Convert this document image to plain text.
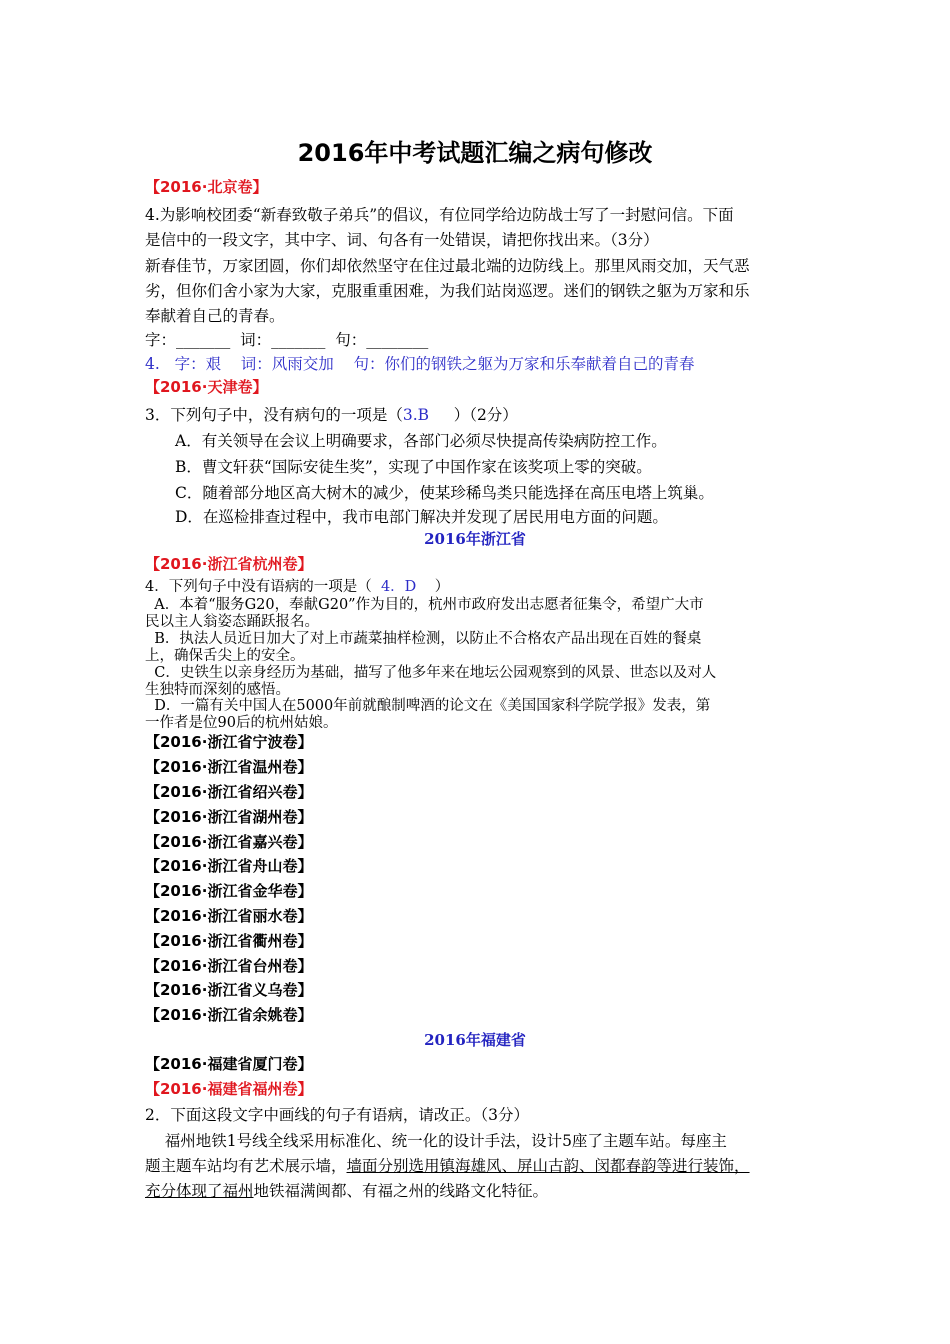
2016年中考试题汇编之病句修改
【2016·北京卷】
4.为影响校团委“新春致敬子弟兵”的倡议，有位同学给边防战士写了一封慰问信。下面
是信中的一段文字，其中字、词、句各有一处错误，请把你找出来。（3分）
新春佳节，万家团圆，你们却依然坚守在住过最北端的边防线上。那里风雨交加，天气恶
劣，但你们舍小家为大家，克服重重困难，为我们站岗巡逻。迷们的钢铁之躯为万家和乐
奉献着自己的青春。
字：_______  词：_______  句：________
4.   字：艰    词：风雨交加    句：你们的钢铁之躯为万家和乐奉献着自己的青春
【2016·天津卷】
3．下列句子中，没有病句的一项是（3.B     ）（2分）
A．有关领导在会议上明确要求，各部门必须尽快提高传染病防控工作。
B．曹文轩获“国际安徒生奖”，实现了中国作家在该奖项上零的突破。
C．随着部分地区高大树木的减少，使某珍稀鸟类只能选择在高压电塔上筑巢。
D．在巡检排查过程中，我市电部门解决并发现了居民用电方面的问题。
2016年浙江省
【2016·浙江省杭州卷】
4．下列句子中没有语病的一项是（  4．D    ）
A．本着“服务G20，奉献G20”作为目的，杭州市政府发出志愿者征集令，希望广大市
民以主人翁姿态踊跃报名。
B．执法人员近日加大了对上市蔬菜抽样检测，以防止不合格农产品出现在百姓的餐桌
上，确保舌尖上的安全。
C．史铁生以亲身经历为基础，描写了他多年来在地坛公园观察到的风景、世态以及对人
生独特而深刻的感悟。
D．一篇有关中国人在5000年前就酿制啤酒的论文在《美国国家科学院学报》发表，第
一作者是位90后的杭州姑娘。
【2016·浙江省宁波卷】
【2016·浙江省温州卷】
【2016·浙江省绍兴卷】
【2016·浙江省湖州卷】
【2016·浙江省嘉兴卷】
【2016·浙江省舟山卷】
【2016·浙江省金华卷】
【2016·浙江省丽水卷】
【2016·浙江省衢州卷】
【2016·浙江省台州卷】
【2016·浙江省义乌卷】
【2016·浙江省余姚卷】
2016年福建省
【2016·福建省厦门卷】
【2016·福建省福州卷】
2．下面这段文字中画线的句子有语病，请改正。（3分）
福州地铁1号线全线采用标准化、统一化的设计手法，设计5座了主题车站。每座主
题主题车站均有艺术展示墙，墙面分别选用镇海雄风、屏山古韵、闵都春韵等进行装饰，
充分体现了福州地铁福满闽都、有福之州的线路文化特征。
